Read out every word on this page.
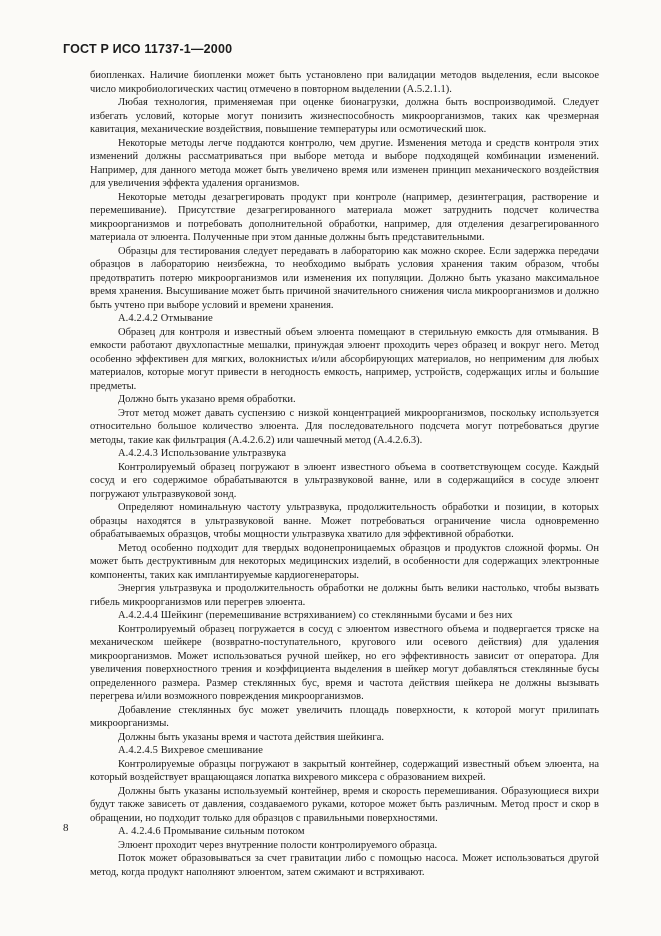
ГОСТ Р ИСО 11737-1—2000

биопленках. Наличие биопленки может быть установлено при валидации методов выделения, если высокое число микробиологических частиц отмечено в повторном выделении (А.5.2.1.1).

Любая технология, применяемая при оценке бионагрузки, должна быть воспроизводимой. Следует избегать условий, которые могут понизить жизнеспособность микроорганизмов, таких как чрезмерная кавитация, механические воздействия, повышение температуры или осмотический шок.

Некоторые методы легче поддаются контролю, чем другие. Изменения метода и средств контроля этих изменений должны рассматриваться при выборе метода и выборе подходящей комбинации изменений. Например, для данного метода может быть увеличено время или изменен принцип механического воздействия для увеличения эффекта удаления организмов.

Некоторые методы дезагрегировать продукт при контроле (например, дезинтеграция, растворение и перемешивание). Присутствие дезагрегированного материала может затруднить подсчет количества микроорганизмов и потребовать дополнительной обработки, например, для отделения дезагрегированного материала от элюента. Полученные при этом данные должны быть представительными.

Образцы для тестирования следует передавать в лабораторию как можно скорее. Если задержка передачи образцов в лабораторию неизбежна, то необходимо выбрать условия хранения таким образом, чтобы предотвратить потерю микроорганизмов или изменения их популяции. Должно быть указано максимальное время хранения. Высушивание может быть причиной значительного снижения числа микроорганизмов и должно быть учтено при выборе условий и времени хранения.

А.4.2.4.2 Отмывание

Образец для контроля и известный объем элюента помещают в стерильную емкость для отмывания. В емкости работают двухлопастные мешалки, принуждая элюент проходить через образец и вокруг него. Метод особенно эффективен для мягких, волокнистых и/или абсорбирующих материалов, но неприменим для любых материалов, которые могут привести в негодность емкость, например, устройств, содержащих иглы и большие предметы.

Должно быть указано время обработки.

Этот метод может давать суспензию с низкой концентрацией микроорганизмов, поскольку используется относительно большое количество элюента. Для последовательного подсчета могут потребоваться другие методы, такие как фильтрация (А.4.2.6.2) или чашечный метод (А.4.2.6.3).

А.4.2.4.3 Использование ультразвука

Контролируемый образец погружают в элюент известного объема в соответствующем сосуде. Каждый сосуд и его содержимое обрабатываются в ультразвуковой ванне, или в содержащийся в сосуде элюент погружают ультразвуковой зонд.

Определяют номинальную частоту ультразвука, продолжительность обработки и позиции, в которых образцы находятся в ультразвуковой ванне. Может потребоваться ограничение числа одновременно обрабатываемых образцов, чтобы мощности ультразвука хватило для эффективной обработки.

Метод особенно подходит для твердых водонепроницаемых образцов и продуктов сложной формы. Он может быть деструктивным для некоторых медицинских изделий, в особенности для содержащих электронные компоненты, таких как имплантируемые кардиогенераторы.

Энергия ультразвука и продолжительность обработки не должны быть велики настолько, чтобы вызвать гибель микроорганизмов или перегрев элюента.

А.4.2.4.4 Шейкинг (перемешивание встряхиванием) со стеклянными бусами и без них

Контролируемый образец погружается в сосуд с элюентом известного объема и подвергается тряске на механическом шейкере (возвратно-поступательного, кругового или осевого действия) для удаления микроорганизмов. Может использоваться ручной шейкер, но его эффективность зависит от оператора. Для увеличения поверхностного трения и коэффициента выделения в шейкер могут добавляться стеклянные бусы определенного размера. Размер стеклянных бус, время и частота действия шейкера не должны вызывать перегрева и/или возможного повреждения микроорганизмов.

Добавление стеклянных бус может увеличить площадь поверхности, к которой могут прилипать микроорганизмы.

Должны быть указаны время и частота действия шейкинга.

А.4.2.4.5 Вихревое смешивание

Контролируемые образцы погружают в закрытый контейнер, содержащий известный объем элюента, на который воздействует вращающаяся лопатка вихревого миксера с образованием вихрей.

Должны быть указаны используемый контейнер, время и скорость перемешивания. Образующиеся вихри будут также зависеть от давления, создаваемого руками, которое может быть различным. Метод прост и скор в обращении, но подходит только для образцов с правильными поверхностями.

А. 4.2.4.6 Промывание сильным потоком

Элюент проходит через внутренние полости контролируемого образца.

Поток может образовываться за счет гравитации либо с помощью насоса. Может использоваться другой метод, когда продукт наполняют элюентом, затем сжимают и встряхивают.

8
